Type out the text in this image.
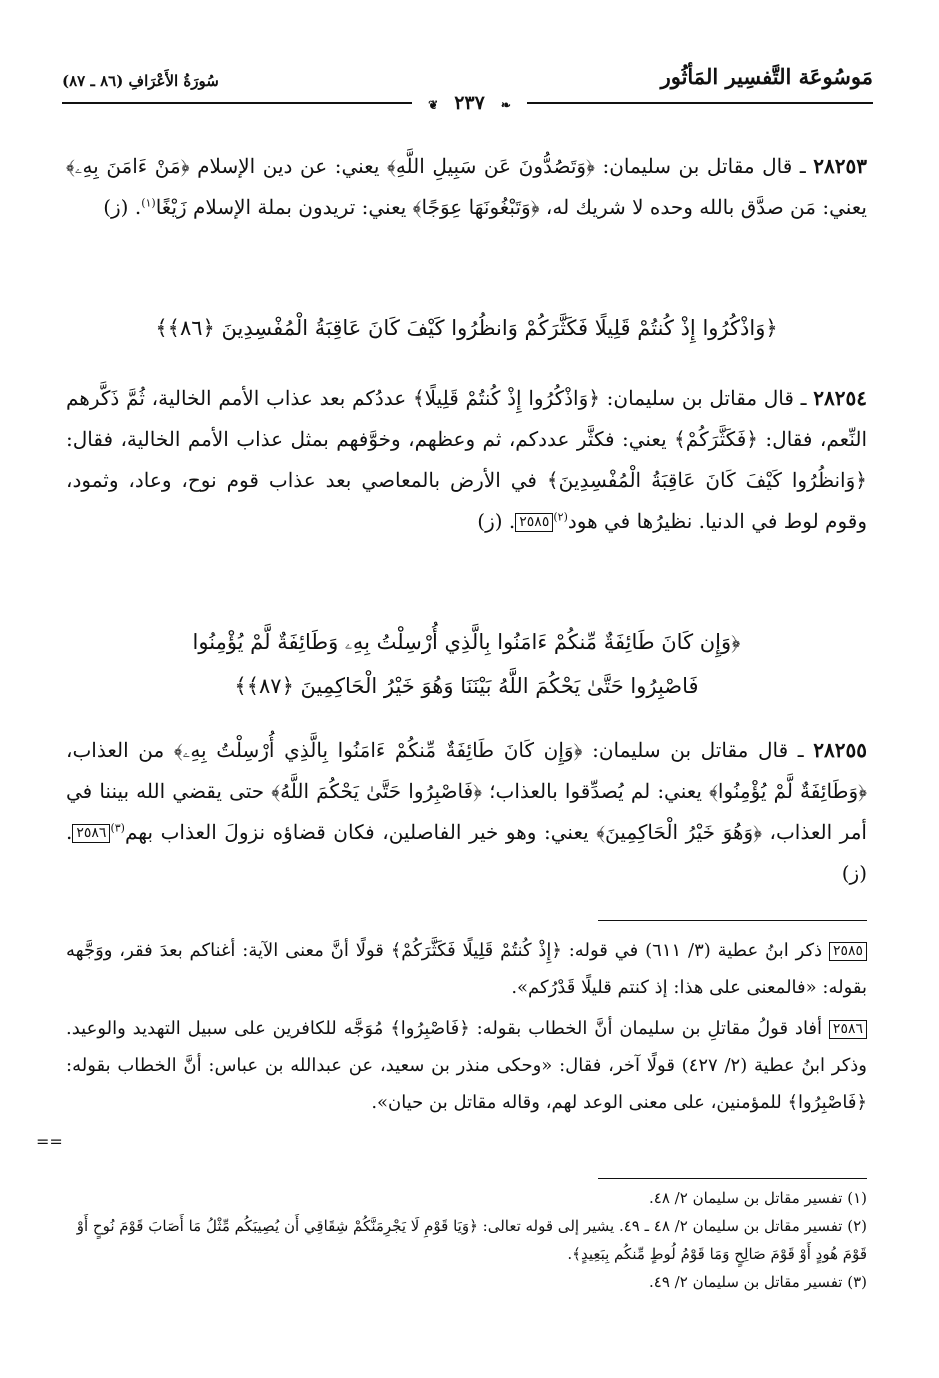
سُورَةُ الأَعْرَافِ (٨٦ ـ ٨٧)	مَوسُوعَة التَّفسِير المَأثُور
❦ ٢٣٧ ❧

٢٨٢٥٣ ـ قال مقاتل بن سليمان: ﴿وَتَصُدُّونَ عَن سَبِيلِ اللَّهِ﴾ يعني: عن دين الإسلام ﴿مَنْ ءَامَنَ بِهِۦ﴾ يعني: مَن صدَّق بالله وحده لا شريك له، ﴿وَتَبْغُونَهَا عِوَجًا﴾ يعني: تريدون بملة الإسلام زَيْغًا$^{(١)}$. (ز)

﴿وَاذْكُرُوا إِذْ كُنتُمْ قَلِيلًا فَكَثَّرَكُمْ وَانظُرُوا كَيْفَ كَانَ عَاقِبَةُ الْمُفْسِدِينَ ﴿٨٦﴾﴾

٢٨٢٥٤ ـ قال مقاتل بن سليمان: ﴿وَاذْكُرُوا إِذْ كُنتُمْ قَلِيلًا﴾ عددُكم بعد عذاب الأمم الخالية، ثُمَّ ذَكَّرهم النِّعم، فقال: ﴿فَكَثَّرَكُمْ﴾ يعني: فكثَّر عددكم، ثم وعظهم، وخوَّفهم بمثل عذاب الأمم الخالية، فقال: ﴿وَانظُرُوا كَيْفَ كَانَ عَاقِبَةُ الْمُفْسِدِينَ﴾ في الأرض بالمعاصي بعد عذاب قوم نوح، وعاد، وثمود، وقوم لوط في الدنيا. نظيرُها في هود$^{(٢)}$٢٥٨٥. (ز)

﴿وَإِن كَانَ طَائِفَةٌ مِّنكُمْ ءَامَنُوا بِالَّذِي أُرْسِلْتُ بِهِۦ وَطَائِفَةٌ لَّمْ يُؤْمِنُوا
فَاصْبِرُوا حَتَّىٰ يَحْكُمَ اللَّهُ بَيْنَنَا وَهُوَ خَيْرُ الْحَاكِمِينَ ﴿٨٧﴾﴾

٢٨٢٥٥ ـ قال مقاتل بن سليمان: ﴿وَإِن كَانَ طَائِفَةٌ مِّنكُمْ ءَامَنُوا بِالَّذِي أُرْسِلْتُ بِهِۦ﴾ من العذاب، ﴿وَطَائِفَةٌ لَّمْ يُؤْمِنُوا﴾ يعني: لم يُصدِّقوا بالعذاب؛ ﴿فَاصْبِرُوا حَتَّىٰ يَحْكُمَ اللَّهُ﴾ حتى يقضي الله بيننا في أمر العذاب، ﴿وَهُوَ خَيْرُ الْحَاكِمِينَ﴾ يعني: وهو خير الفاصلين، فكان قضاؤه نزولَ العذاب بهم$^{(٣)}$٢٥٨٦. (ز)

٢٥٨٥ ذكر ابنُ عطية (٣/ ٦١١) في قوله: ﴿إِذْ كُنتُمْ قَلِيلًا فَكَثَّرَكُمْ﴾ قولًا أنَّ معنى الآية: أغناكم بعدَ فقر، ووَجَّهه بقوله: «فالمعنى على هذا: إذ كنتم قليلًا قَدْرُكم».
٢٥٨٦ أفاد قولُ مقاتلِ بن سليمان أنَّ الخطاب بقوله: ﴿فَاصْبِرُوا﴾ مُوَجَّه للكافرين على سبيل التهديد والوعيد. وذكر ابنُ عطية (٢/ ٤٢٧) قولًا آخر، فقال: «وحكى منذر بن سعيد، عن عبدالله بن عباس: أنَّ الخطاب بقوله: ﴿فَاصْبِرُوا﴾ للمؤمنين، على معنى الوعد لهم، وقاله مقاتل بن حيان».
==
(١) تفسير مقاتل بن سليمان ٢/ ٤٨.
(٢) تفسير مقاتل بن سليمان ٢/ ٤٨ ـ ٤٩. يشير إلى قوله تعالى: ﴿وَيَا قَوْمِ لَا يَجْرِمَنَّكُمْ شِقَاقِي أَن يُصِيبَكُم مِّثْلُ مَا أَصَابَ قَوْمَ نُوحٍ أَوْ قَوْمَ هُودٍ أَوْ قَوْمَ صَالِحٍ وَمَا قَوْمُ لُوطٍ مِّنكُم بِبَعِيدٍ﴾.
(٣) تفسير مقاتل بن سليمان ٢/ ٤٩.
